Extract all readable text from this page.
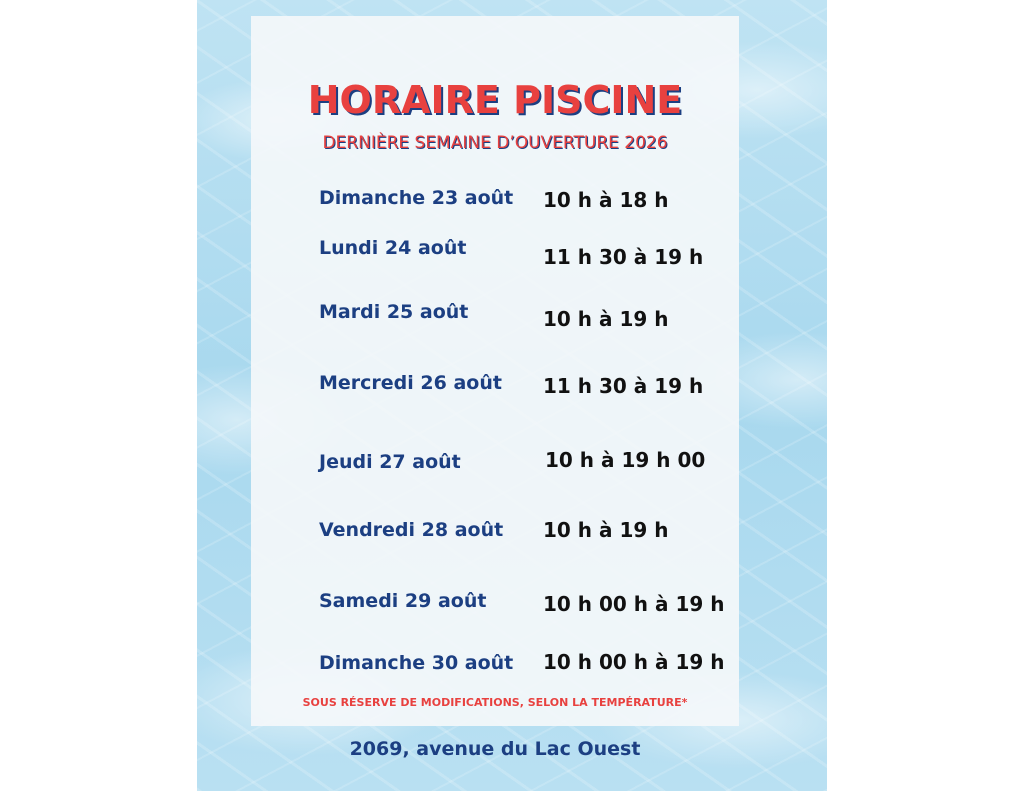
HORAIRE PISCINE
DERNIÈRE SEMAINE D’OUVERTURE 2026
Dimanche 23 août 10 h à 18 h
Lundi 24 août	11 h 30 à 19 h
Mardi 25 août	10 h à 19 h
Mercredi 26 août 11 h 30 à 19 h
Jeudi 27 août	10 h à 19 h 00
Vendredi 28 août 10 h à 19 h
Samedi 29 août	10 h 00 h à 19 h
Dimanche 30 août 10 h 00 h à 19 h
SOUS RÉSERVE DE MODIFICATIONS, SELON LA TEMPÉRATURE*
2069, avenue du Lac Ouest
